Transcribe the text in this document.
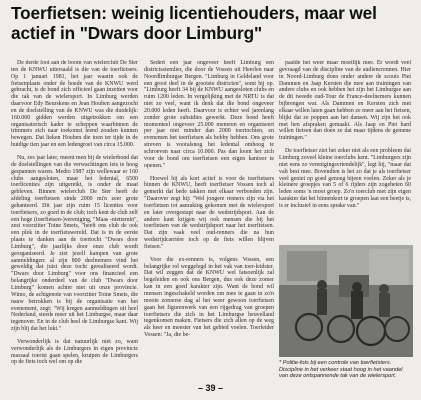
Toerfietsen: weinig licentiehouders, maar wel actief in "Dwars door Limburg"

De derde loot aan de boom van wielerclub De Ster ten de KNWU uitersaald is die van de toerfietsers. Op 1 januari 1981, het jaar waarin ook de fietsenplaats onder de hoede van de KNWU werd gebracht, is de bond zich officieel gaan inzetten voor die tak van de wielersport. In Limburg werden daarvoor Edy Beurskens en Jean Houben aangezocht en de doelstelling van de KNWU was die duidelijk: 160.000 gidden werden uitgetrokken om een organisatorisch kader te scheppen waarbinnen de trimmers zich naar toekomst leend zouden kunnen bewegen. Dat lieken Houben die toen ter tijde in de huidige tien jaar en een ledengroei van circa 15.000.

Nu, zes jaar later, meent men bij de wielerbond dat de doelstellingen van die verwachtingen iets te hoog gespannen waren. Medio 1987 zijn wellewaar er 160 clubs aangesloten, maar het ledental, 6500 toerlicenties zijn uitgereikt, is onder de maat gebleven. Binnen wielerclub De Ster heeft de afdeling toerfietsen sinds 2000 nu'n zeer grote gehanteerd. Dit jaar zijn ruim 15 licenties voor toerfietsers, zo goed in de club; toch kent de club zelf een hoge (toerfietsen-)vereniging, "Maas -niettemin", zest voorzitter Toine Smets, "heeft ons club de ook een plek in de toerfietswereld. Dat is in de eerste plaats te danken aan de toertocht "Dwars door Limburg", die jaarlijks door onze club wordt georganiseerd. Je ziet jezelf kampen van grote aanmeldingen: al zijn 800 deelnemers vind het geweldig dat juist deze tocht gerealiseerd wordt. "Dwars door Limburg" voor ons financieel een belangrijke onderdeel van de club "Dwars door Limburg" komen achter niet uit onze provincie. Wimo, de achtgenote van voorzitter Toine Smets, die nauw betrokken is bij de organisatie van het evenement, zegt: "Wij kregen aanmeldingen uit heel Nederland, steeds meer uit het Limburgse, maar daar tegenover. En in de club heel de Limburgse kant. Wij zijn blij dat het lukt."

Verwonderlijk is dat natuurlijk niet zo, want verwonderlijk als de Limburgers in eigen provincie massaal toerist gaan spelen, kruipen de Limburgers op de fiets toch wel om op die

Sedert een jaar ongeveer heeft Limburg een districtsstemlier, die door de Vossen uit Heerlen naar Noordlimburgse Bergen. "Limburg in Geldeland voor een groot deel in de grootste districten", somt hij op. "Limburg heeft 34 bij de KNWU aangesloten clubs en ruim 1200 leden. In vergelijking met de NRTU is dat niet zo veel, want ik denk dat die bond ongeveer 20.000 leden heeft. Daarvoor is echter wel jarenlang zonder grote subsidies gewerkt. Deze bond heeft momenteel ongeveer 25.000 meneren en organiseert per jaar niet minder dan 2000 toertochten, en evenemen het toerfietsen als hobby hebben. Ons grote streven is vooralsnog het ledental omhoog te schroeven naar circa 10.000. Pas dan loont het zich voor de bond om toerfietsen een eigen kantoor te openen."

Hoewel hij als kort actief is voor de toerfietsers binnen de KNWU, heeft toerfietser Vossen toch al gemerkt dat bede takken met elkaar verbonden zijn. "Daarover zegt hij: "Wel jongere renners zijn via het toerfietsen tot aanraking gekomen met de wielersport en later overgestapt naar de wedstrijdsport. Aan de andere kant krijgen wij ook mensen die bij het toerfietsen van de wedstrijdsport naar het toerfietsen. Dat zijn vaak veel oud-renners die na hun wedstrijdcarrière toch op de fiets willen blijven fietsen."

Voor die ex-renners is, volgens Vossen, een belangrijke rol weggelegd in het vak van toer-leidster. Dat wil zeggen dat de KNWU wel fatsoenlijk zal begeleiden en ook ons Bergen, dus ook deze zomer kan in een goed karakter zijn. Want de bond wil mensen ingeschakeld worden om mee te gaan in zo'n mooie zomerse dag al het weer gewoon toerfietsen gaan het figurenwerk van een rijgedrag van groepen toerfietsers die zich in het Limburgse heuvelland tegenkomen maken. Fietsers die zich allen op de weg als heer en meester van het gebied voelen. Toerleider Vossen: "Ja, die be-

paalde het weer maar moeilijk mee. Er wordt veel gevraagd van de discipline van de audiencrennen. Hier in Noord-Limburg doen onder andere de scouts Piet Dammen en Jaap Kersten die mee aan trainingen van andere clubs en ook hebben het zijn het Limburgse aan de dit tweede oud-Tour de France-deelnemers kunnen bijbrengen wat. Als Dammen en Kersten zich met elkaar willen laten gaan hebben ze meer aan het fietsen, blijkt dat ze poppen aan het dansen. Wij zijn het ook met hen afspraken gemaakt. Als Jaap en Piet hard willen fietsen dan doen ze dat maar tijdens de gemene trainingen."

De toerfietser ziet het zeker niet als een probleem dat Limburg zoveel kleine toerclubs kent. "Limburgers zijn niet eens zo verenigingsvriendelijk", legt hij, "maar dat valt best mee. Bovendien is het zo dat je als toerfietser veel geniet op goed genoeg bijeen voelen. Zeker als je kleinere groepjes van 5 of 6 rijders zijn zogeheten 60 leden soms 'n mooi groep. Zo'n toerclub met zijn eigen karakter dat het binnenkort te groepen laat een beetje is, is er inclusief in eens sprake van."

* Politie-fots bij een controle van toerfietsters. Discipline in het verkeer staat hoog in het vaandel van deze ontspannende tak van de wielersport.
– 39 –
